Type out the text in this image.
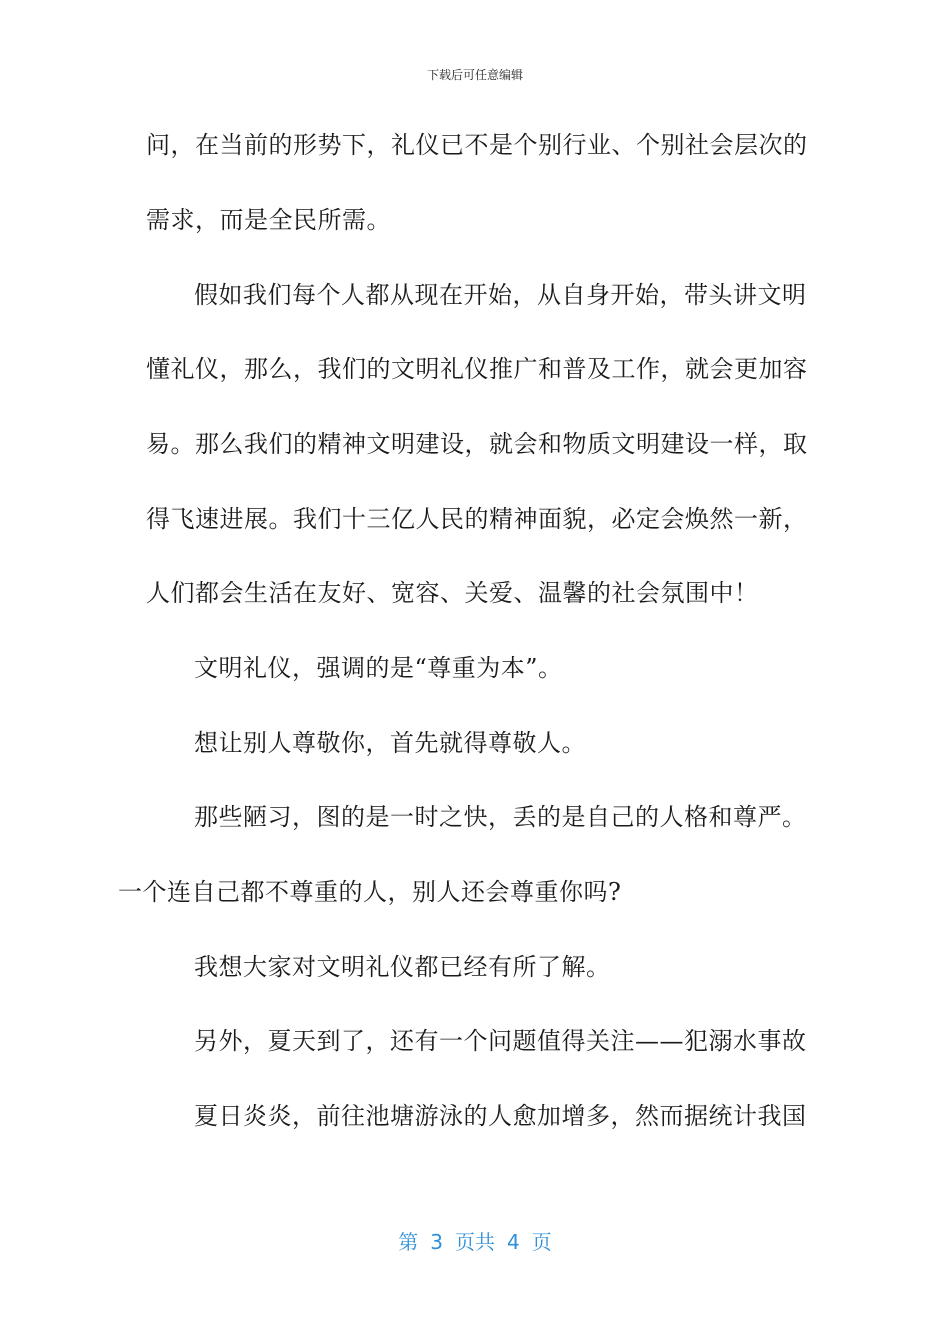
下载后可任意编辑
问，在当前的形势下，礼仪已不是个别行业、个别社会层次的
需求，而是全民所需。
假如我们每个人都从现在开始，从自身开始，带头讲文明
懂礼仪，那么，我们的文明礼仪推广和普及工作，就会更加容
易。那么我们的精神文明建设，就会和物质文明建设一样，取
得飞速进展。我们十三亿人民的精神面貌，必定会焕然一新，
人们都会生活在友好、宽容、关爱、温馨的社会氛围中！
文明礼仪，强调的是“尊重为本”。
想让别人尊敬你，首先就得尊敬人。
那些陋习，图的是一时之快，丢的是自己的人格和尊严。
一个连自己都不尊重的人，别人还会尊重你吗?
我想大家对文明礼仪都已经有所了解。
另外，夏天到了，还有一个问题值得关注——犯溺水事故
夏日炎炎，前往池塘游泳的人愈加增多，然而据统计我国
第 3 页共 4 页
